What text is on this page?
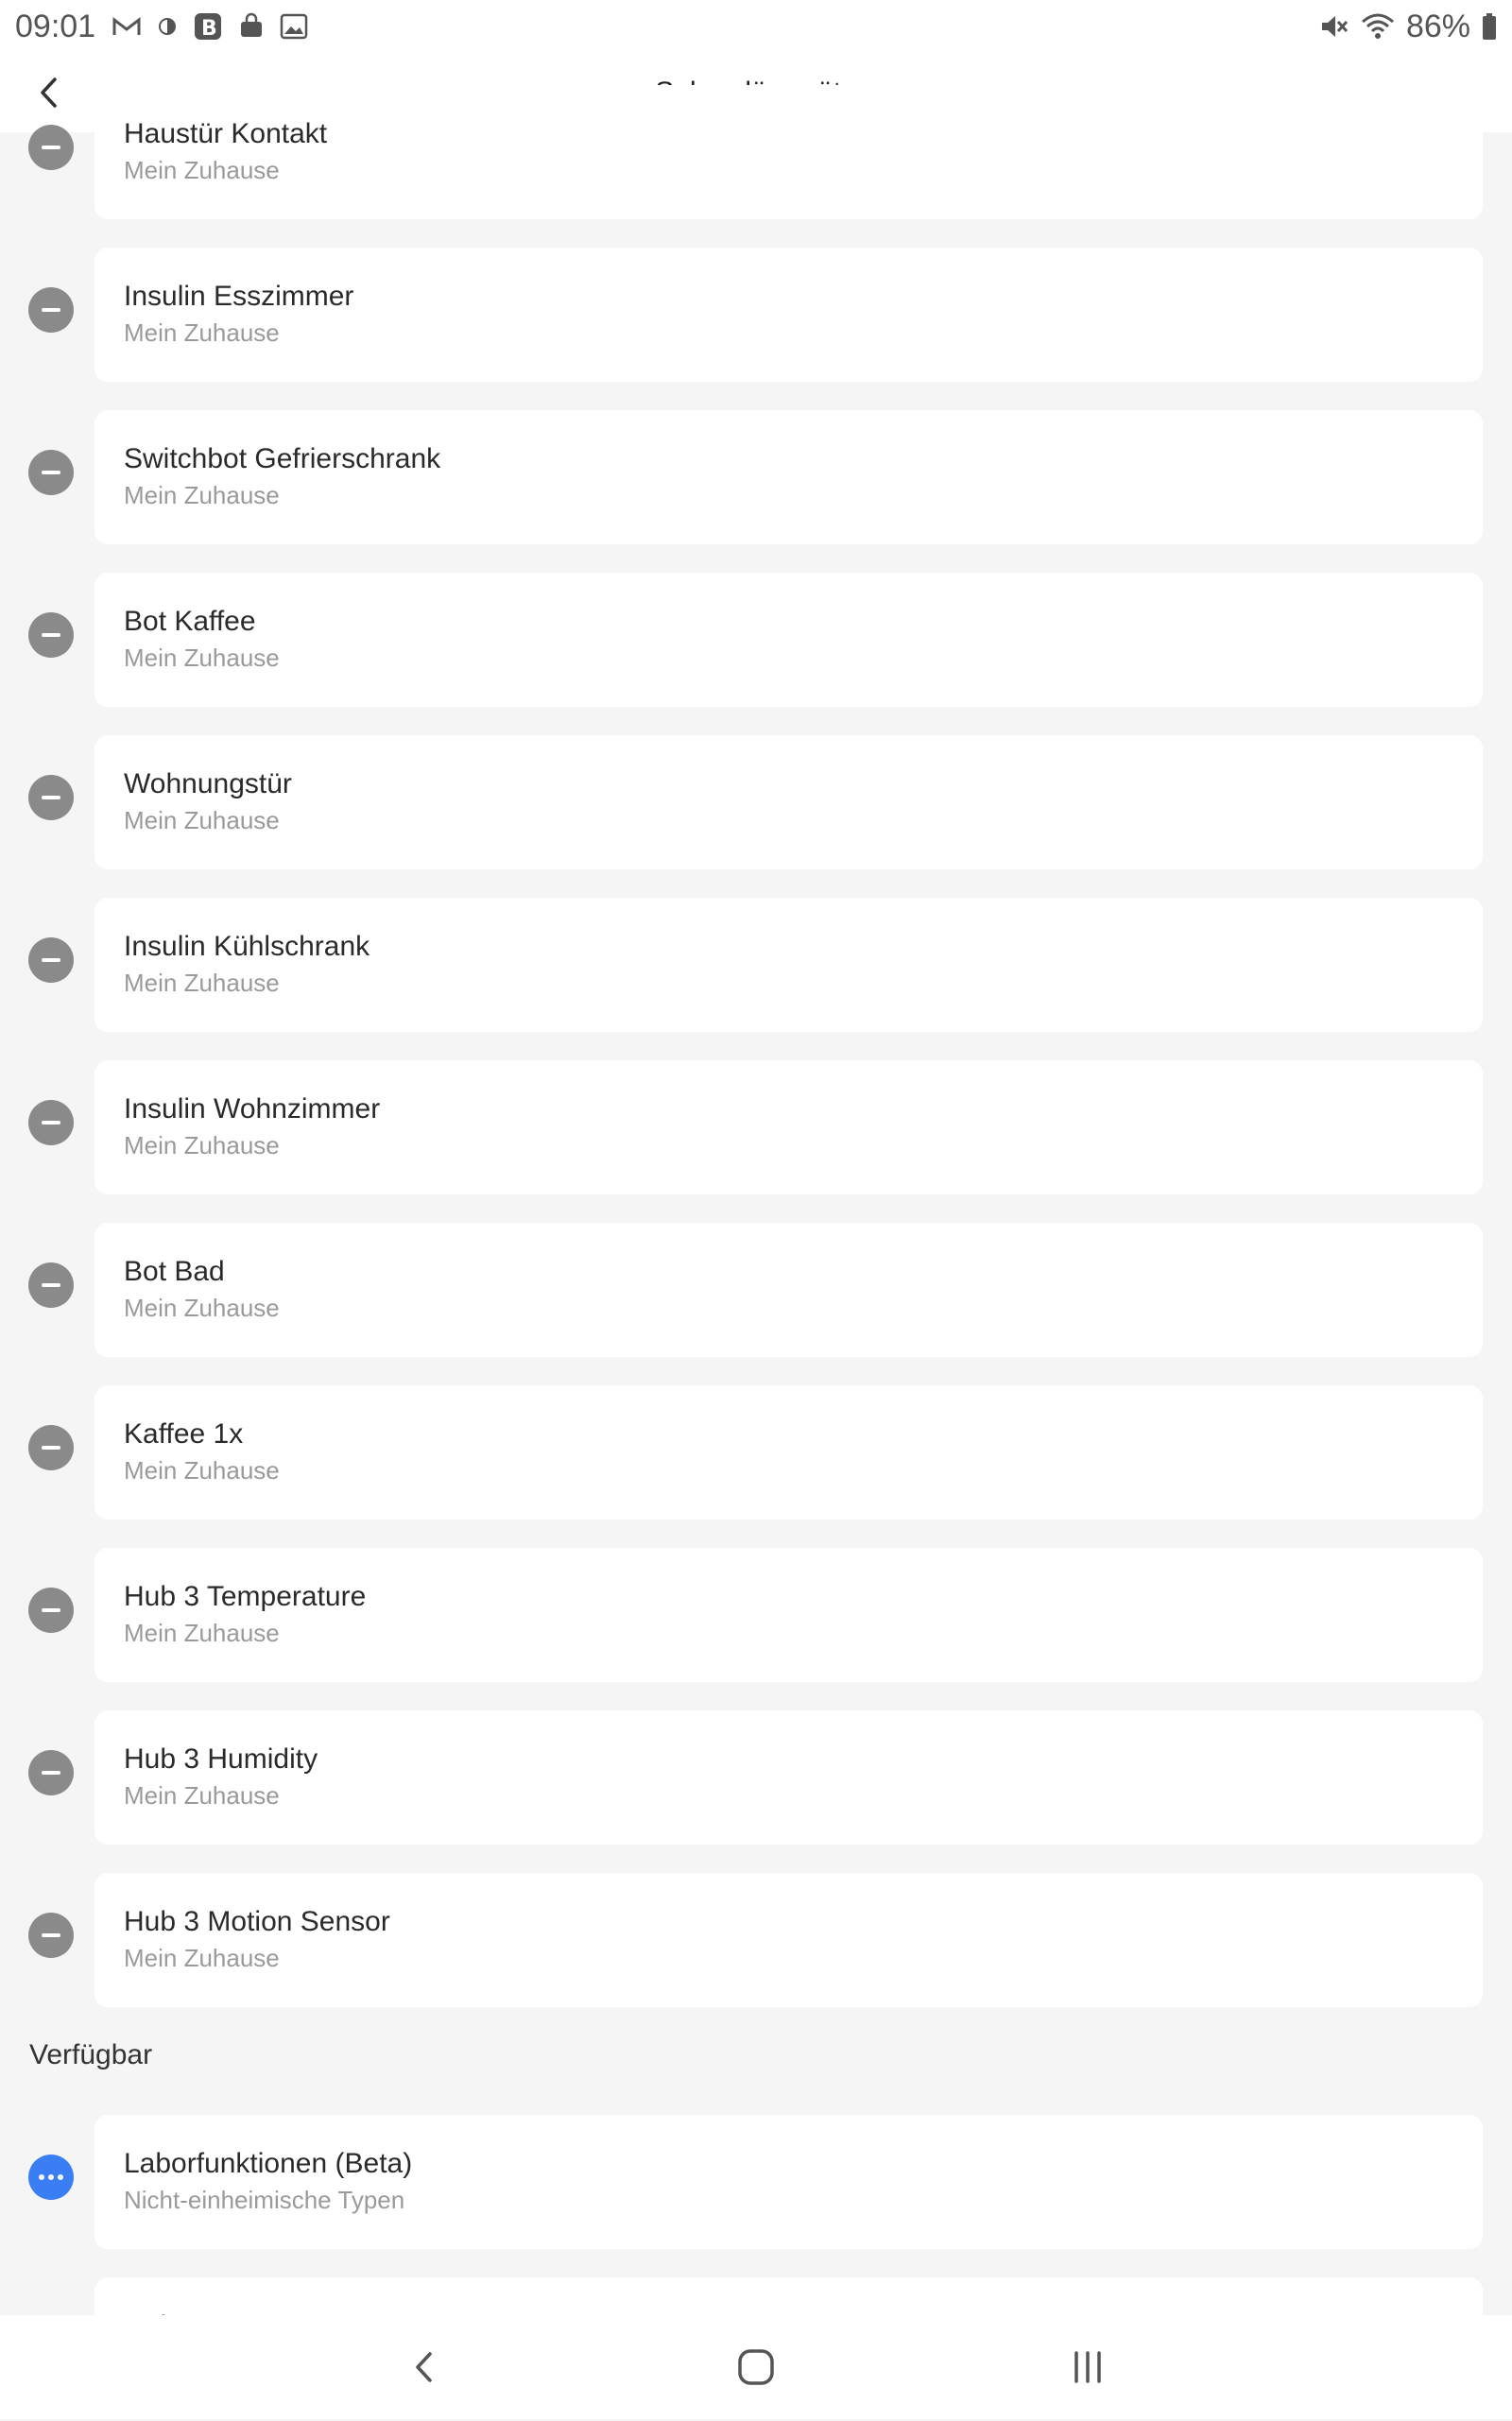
09:01	B	86%
Haustür Kontakt
Mein Zuhause
Insulin Esszimmer
Mein Zuhause
Switchbot Gefrierschrank
Mein Zuhause
Bot Kaffee
Mein Zuhause
Wohnungstür
Mein Zuhause
Insulin Kühlschrank
Mein Zuhause
Insulin Wohnzimmer
Mein Zuhause
Bot Bad
Mein Zuhause
Kaffee 1x
Mein Zuhause
Hub 3 Temperature
Mein Zuhause
Hub 3 Humidity
Mein Zuhause
Hub 3 Motion Sensor
Mein Zuhause
Verfügbar
Laborfunktionen (Beta)
Nicht-einheimische Typen
